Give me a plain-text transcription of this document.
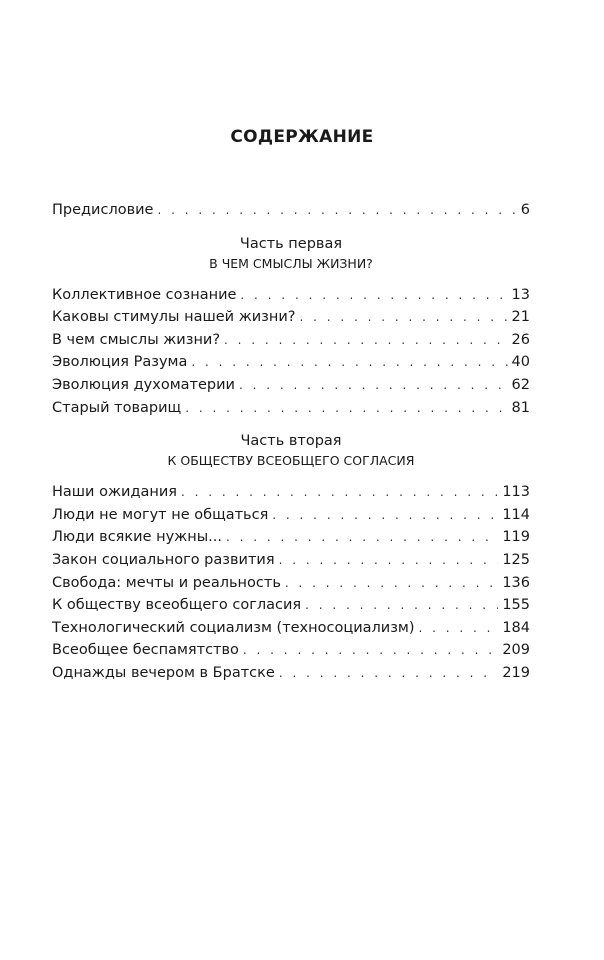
СОДЕРЖАНИЕ
Предисловие . . .	6
Часть первая
В ЧЕМ СМЫСЛЫ ЖИЗНИ?
Коллективное сознание . . .	13
Каковы стимулы нашей жизни? . . .	21
В чем смыслы жизни? . . .	26
Эволюция Разума . . .	40
Эволюция духоматерии . . .	62
Старый товарищ . . .	81
Часть вторая
К ОБЩЕСТВУ ВСЕОБЩЕГО СОГЛАСИЯ
Наши ожидания . . .	113
Люди не могут не общаться . . .	114
Люди всякие нужны... . . .	119
Закон социального развития . . .	125
Свобода: мечты и реальность . . .	136
К обществу всеобщего согласия . . .	155
Технологический социализм (техносоциализм) . . .	184
Всеобщее беспамятство . . .	209
Однажды вечером в Братске . . .	219
